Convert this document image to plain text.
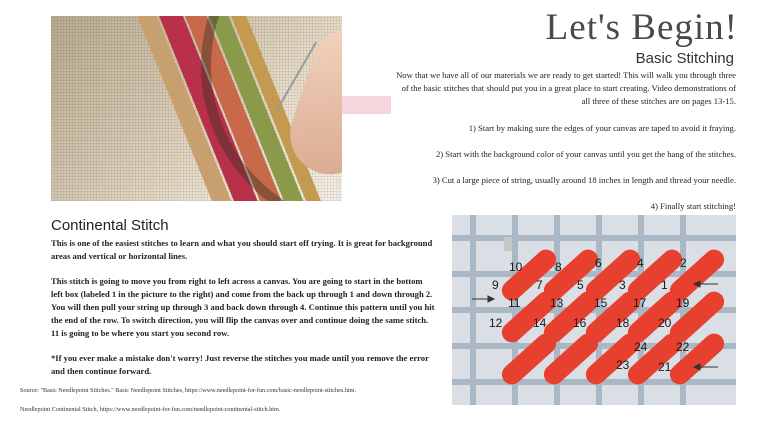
Let's Begin!
Basic Stitching

Now that we have all of our materials we are ready to get started! This will walk you through three of the basic stitches that should put you in a great place to start creating. Video demonstrations of all three of these stitches are on pages 13-15.

1) Start by making sure the edges of your canvas are taped to avoid it fraying.
2) Start with the background color of your canvas until you get the hang of the stitches.
3) Cut a large piece of string, usually around 18 inches in length and thread your needle.
4) Finally start stitching!
Continental Stitch

This is one of the easiest stitches to learn and what you should start off trying. It is great for background areas and vertical or horizontal lines.

This stitch is going to move you from right to left across a canvas. You are going to start in the bottom left box (labeled 1 in the picture to the right) and come from the back up through 1 and down through 2. You will then pull your string up through 3 and back down through 4. Continue this pattern until you hit the end of the row. To switch direction, you will flip the canvas over and continue doing the same stitch. 11 is going to be where you start you second row.

*If you ever make a mistake don't worry! Just reverse the stitches you made until you remove the error and then continue forward.

Source: "Basic Needlepoint Stitches." Basic Needlepoint Stitches, https://www.needlepoint-for-fun.com/basic-needlepoint-stitches.htm.

Needlepoint Continental Stitch, https://www.needlepoint-for-fun.com/needlepoint-continental-stitch.htm.

10	8	6	4	2
9	7	5	3	1
11 13	15 17 19
12	14 16 18 20
24 22
23 21
